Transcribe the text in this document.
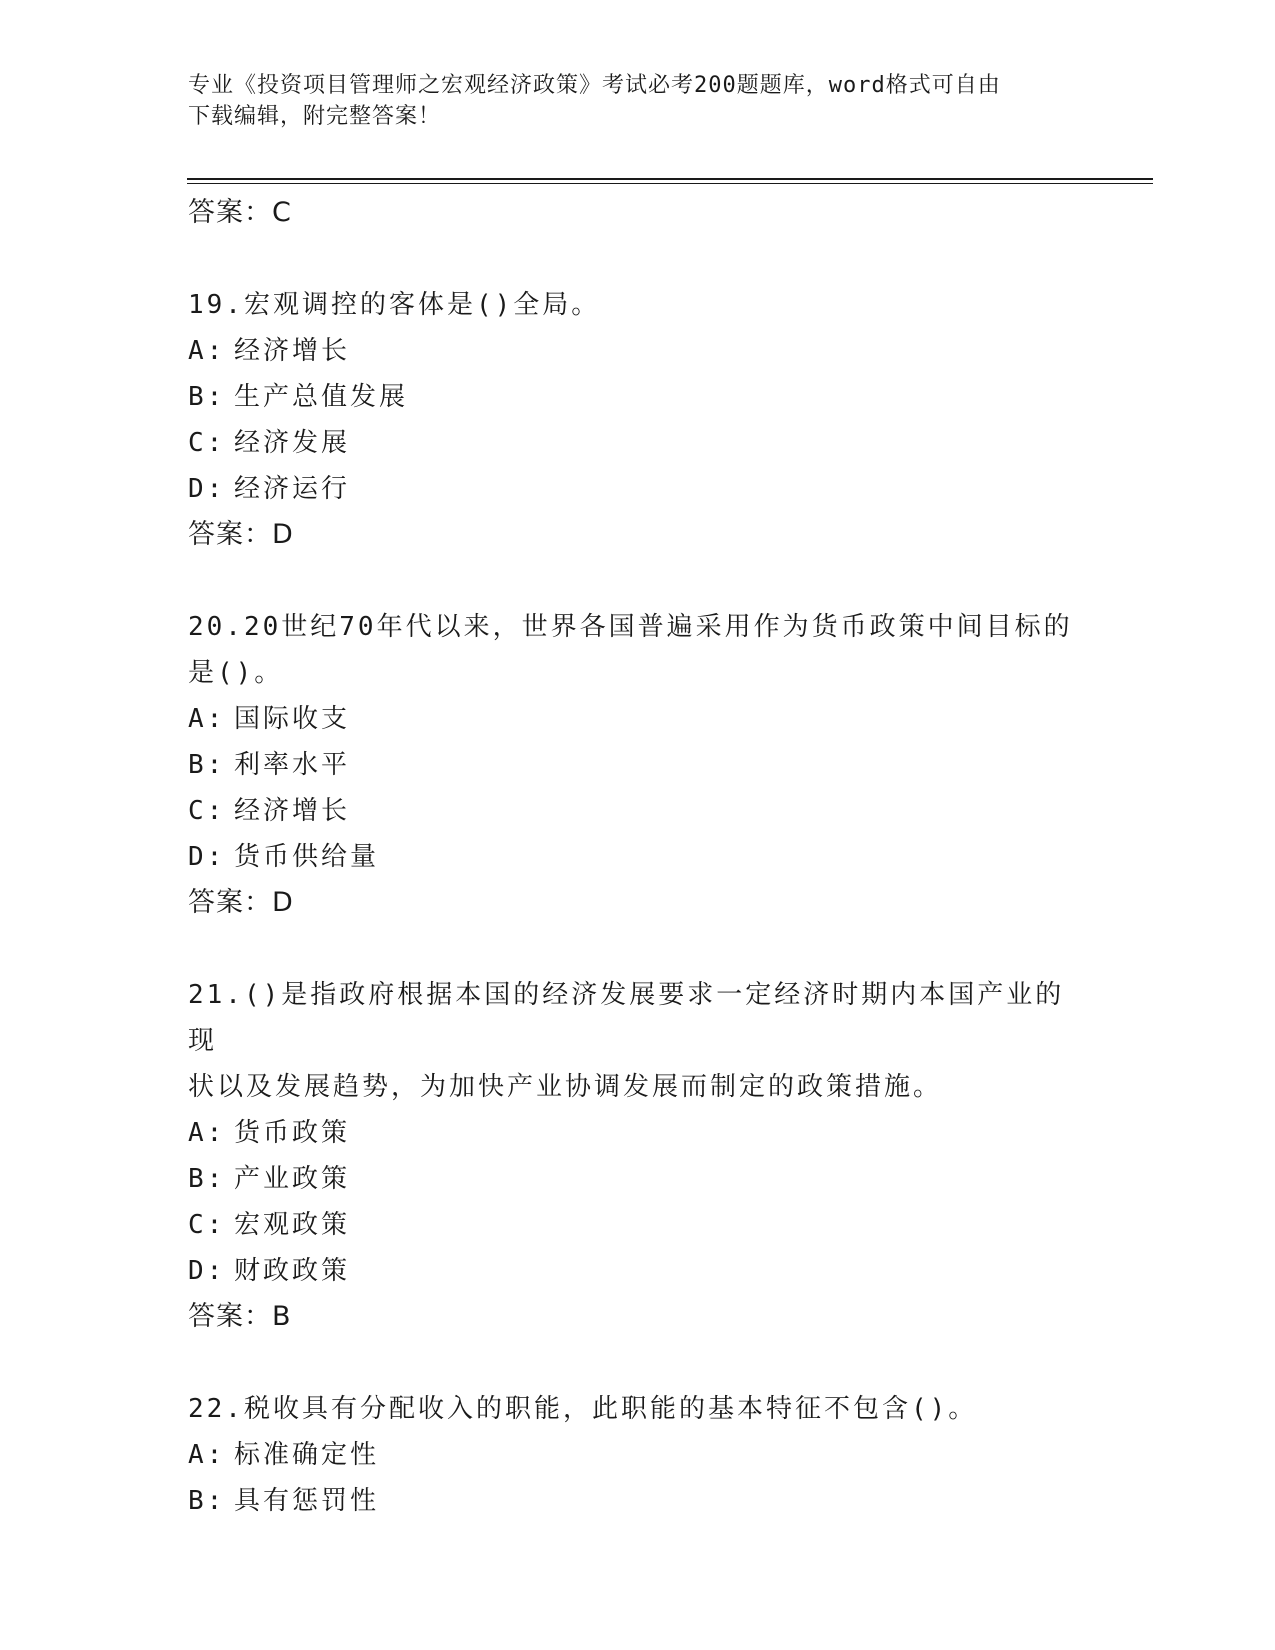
专业《投资项目管理师之宏观经济政策》考试必考200题题库，word格式可自由
下载编辑，附完整答案！
答案：C
19.宏观调控的客体是()全局。
A: 经济增长
B: 生产总值发展
C: 经济发展
D: 经济运行
答案：D
20.20世纪70年代以来，世界各国普遍采用作为货币政策中间目标的
是()。
A: 国际收支
B: 利率水平
C: 经济增长
D: 货币供给量
答案：D
21.()是指政府根据本国的经济发展要求一定经济时期内本国产业的现
状以及发展趋势，为加快产业协调发展而制定的政策措施。
A: 货币政策
B: 产业政策
C: 宏观政策
D: 财政政策
答案：B
22.税收具有分配收入的职能，此职能的基本特征不包含()。
A: 标准确定性
B: 具有惩罚性
